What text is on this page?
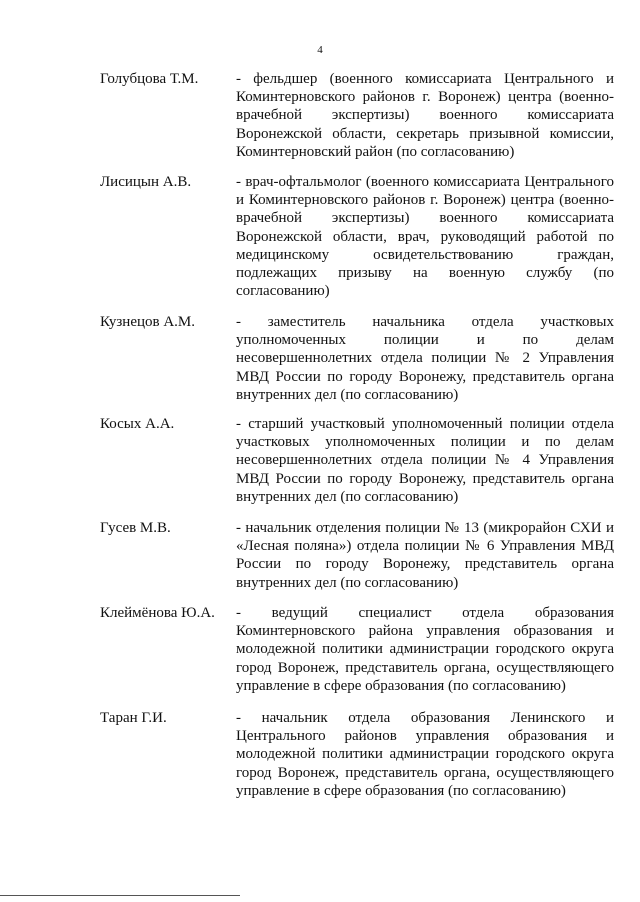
4
Голубцова Т.М.	- фельдшер (военного комиссариата Центрального и Коминтерновского районов г. Воронеж) центра (военно-врачебной экспертизы) военного комиссариата Воронежской области, секретарь призывной комиссии, Коминтерновский район (по согласованию)
Лисицын А.В.	- врач-офтальмолог (военного комиссариата Центрального и Коминтерновского районов г. Воронеж) центра (военно-врачебной экспертизы) военного комиссариата Воронежской области, врач, руководящий работой по медицинскому освидетельствованию граждан, подлежащих призыву на военную службу (по согласованию)
Кузнецов А.М.	- заместитель начальника отдела участковых уполномоченных полиции и по делам несовершеннолетних отдела полиции № 2 Управления МВД России по городу Воронежу, представитель органа внутренних дел (по согласованию)
Косых А.А.	- старший участковый уполномоченный полиции отдела участковых уполномоченных полиции и по делам несовершеннолетних отдела полиции № 4 Управления МВД России по городу Воронежу, представитель органа внутренних дел (по согласованию)
Гусев М.В.	- начальник отделения полиции № 13 (микрорайон СХИ и «Лесная поляна») отдела полиции № 6 Управления МВД России по городу Воронежу, представитель органа внутренних дел (по согласованию)
Клеймёнова Ю.А. - ведущий специалист отдела образования Коминтерновского района управления образования и молодежной политики администрации городского округа город Воронеж, представитель органа, осуществляющего управление в сфере образования (по согласованию)
Таран Г.И.	- начальник отдела образования Ленинского и Центрального районов управления образования и молодежной политики администрации городского округа город Воронеж, представитель органа, осуществляющего управление в сфере образования (по согласованию)
